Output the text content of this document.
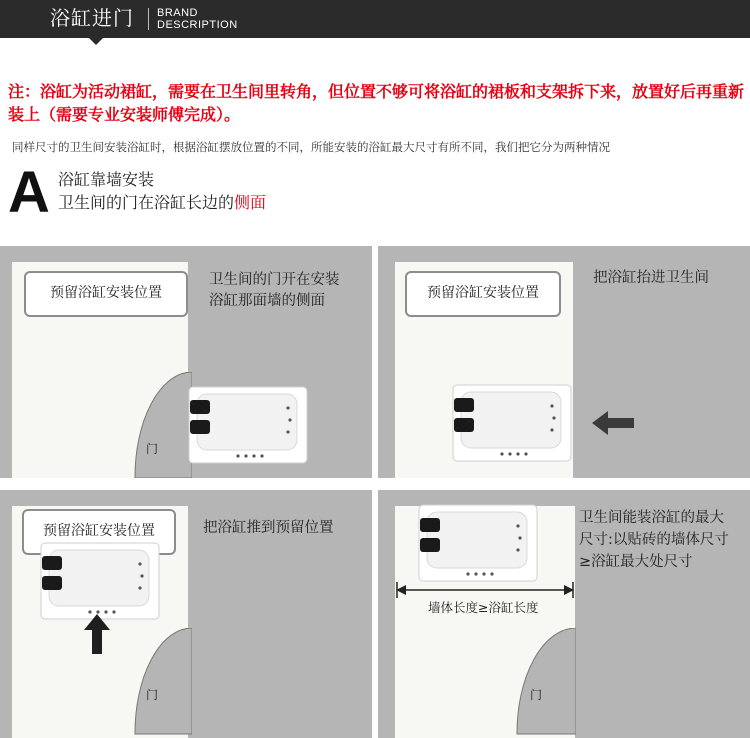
浴缸进门 BRAND
DESCRIPTION
注：浴缸为活动裙缸，需要在卫生间里转角，但位置不够可将浴缸的裙板和支架拆下来，放置好后再重新装上（需要专业安装师傅完成）。
同样尺寸的卫生间安装浴缸时，根据浴缸摆放位置的不同，所能安装的浴缸最大尺寸有所不同，我们把它分为两种情况
A 浴缸靠墙安装
卫生间的门在浴缸长边的侧面
预留浴缸安装位置
卫生间的门开在安装
浴缸那面墙的侧面
门
预留浴缸安装位置
把浴缸抬进卫生间
预留浴缸安装位置	把浴缸推到预留位置
门
墙体长度≥浴缸长度
卫生间能装浴缸的最大
尺寸:以贴砖的墙体尺寸
≥浴缸最大处尺寸
门
